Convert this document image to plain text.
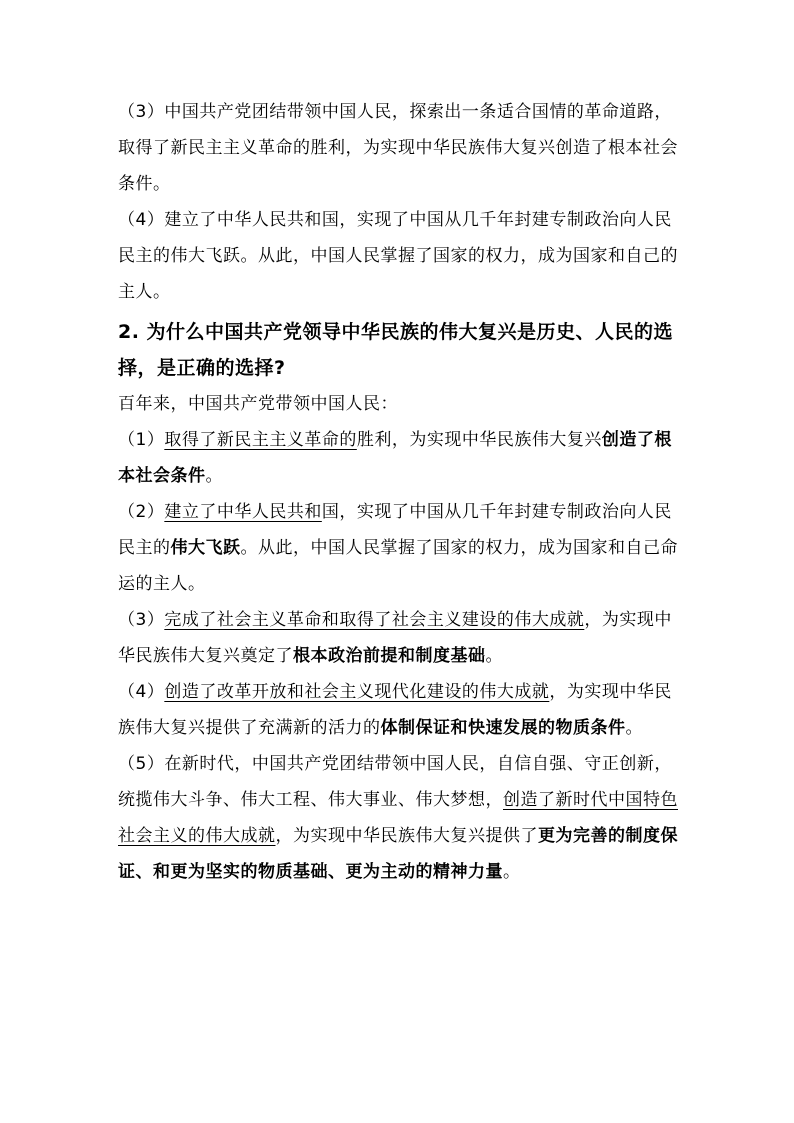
（3）中国共产党团结带领中国人民，探索出一条适合国情的革命道路，取得了新民主主义革命的胜利，为实现中华民族伟大复兴创造了根本社会条件。

（4）建立了中华人民共和国，实现了中国从几千年封建专制政治向人民民主的伟大飞跃。从此，中国人民掌握了国家的权力，成为国家和自己的主人。

2. 为什么中国共产党领导中华民族的伟大复兴是历史、人民的选择，是正确的选择?

百年来，中国共产党带领中国人民：

（1）取得了新民主主义革命的胜利，为实现中华民族伟大复兴创造了根本社会条件。

（2）建立了中华人民共和国，实现了中国从几千年封建专制政治向人民民主的伟大飞跃。从此，中国人民掌握了国家的权力，成为国家和自己命运的主人。

（3）完成了社会主义革命和取得了社会主义建设的伟大成就，为实现中华民族伟大复兴奠定了根本政治前提和制度基础。

（4）创造了改革开放和社会主义现代化建设的伟大成就，为实现中华民族伟大复兴提供了充满新的活力的体制保证和快速发展的物质条件。

（5）在新时代，中国共产党团结带领中国人民，自信自强、守正创新，统揽伟大斗争、伟大工程、伟大事业、伟大梦想，创造了新时代中国特色社会主义的伟大成就，为实现中华民族伟大复兴提供了更为完善的制度保证、和更为坚实的物质基础、更为主动的精神力量。
